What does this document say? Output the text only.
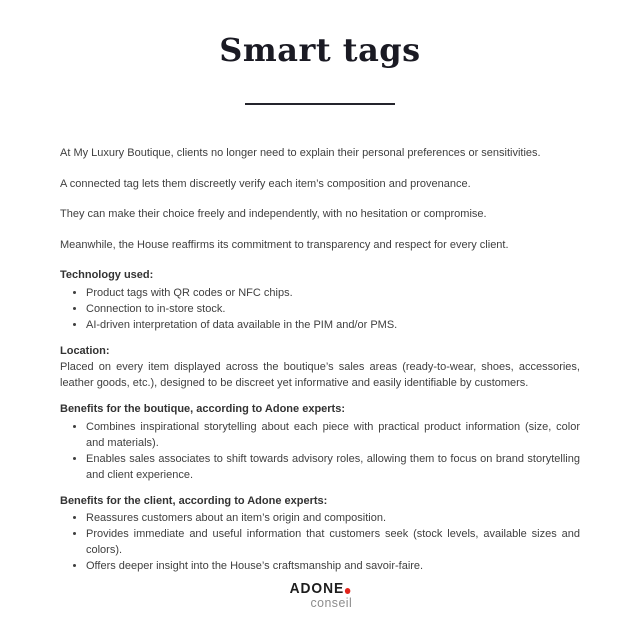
Smart tags

At My Luxury Boutique, clients no longer need to explain their personal preferences or sensitivities.

A connected tag lets them discreetly verify each item’s composition and provenance.

They can make their choice freely and independently, with no hesitation or compromise.

Meanwhile, the House reaffirms its commitment to transparency and respect for every client.

Technology used:
• Product tags with QR codes or NFC chips.
• Connection to in-store stock.
• AI-driven interpretation of data available in the PIM and/or PMS.
Location:
Placed on every item displayed across the boutique’s sales areas (ready-to-wear, shoes, accessories, leather goods, etc.), designed to be discreet yet informative and easily identifiable by customers.
Benefits for the boutique, according to Adone experts:
• Combines inspirational storytelling about each piece with practical product information (size, color and materials).
• Enables sales associates to shift towards advisory roles, allowing them to focus on brand storytelling and client experience.
Benefits for the client, according to Adone experts:
• Reassures customers about an item’s origin and composition.
• Provides immediate and useful information that customers seek (stock levels, available sizes and colors).
• Offers deeper insight into the House’s craftsmanship and savoir-faire.
ADONE
conseil
